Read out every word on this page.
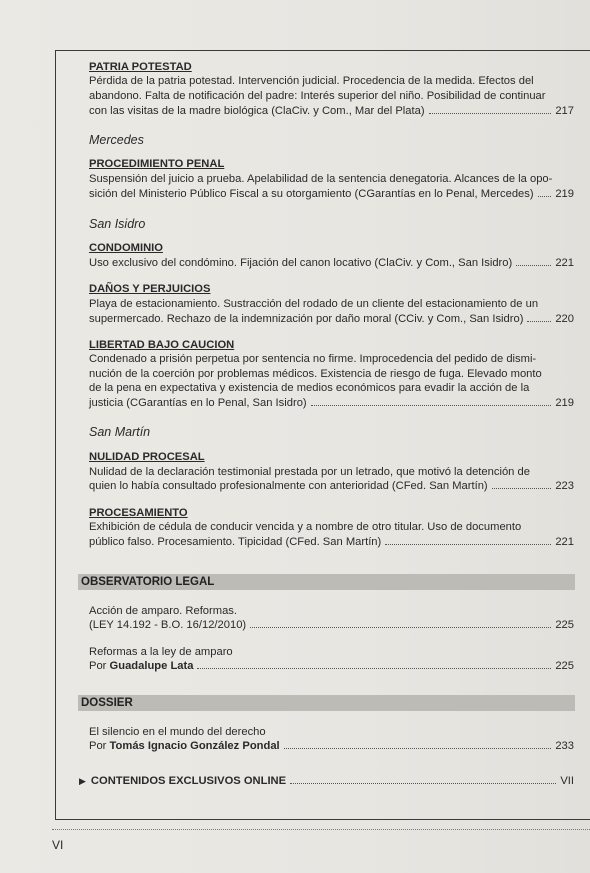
PATRIA POTESTAD
Pérdida de la patria potestad. Intervención judicial. Procedencia de la medida. Efectos del
abandono. Falta de notificación del padre: Interés superior del niño. Posibilidad de continuar
con las visitas de la madre biológica (ClaCiv. y Com., Mar del Plata)	217
Mercedes
PROCEDIMIENTO PENAL
Suspensión del juicio a prueba. Apelabilidad de la sentencia denegatoria. Alcances de la opo-
sición del Ministerio Público Fiscal a su otorgamiento (CGarantías en lo Penal, Mercedes) 219
San Isidro
CONDOMINIO
Uso exclusivo del condómino. Fijación del canon locativo (ClaCiv. y Com., San Isidro)	221
DAÑOS Y PERJUICIOS
Playa de estacionamiento. Sustracción del rodado de un cliente del estacionamiento de un
supermercado. Rechazo de la indemnización por daño moral (CCiv. y Com., San Isidro)	220
LIBERTAD BAJO CAUCION
Condenado a prisión perpetua por sentencia no firme. Improcedencia del pedido de dismi-
nución de la coerción por problemas médicos. Existencia de riesgo de fuga. Elevado monto
de la pena en expectativa y existencia de medios económicos para evadir la acción de la
justicia (CGarantías en lo Penal, San Isidro)	219
San Martín
NULIDAD PROCESAL
Nulidad de la declaración testimonial prestada por un letrado, que motivó la detención de
quien lo había consultado profesionalmente con anterioridad (CFed. San Martín)	223
PROCESAMIENTO
Exhibición de cédula de conducir vencida y a nombre de otro titular. Uso de documento
público falso. Procesamiento. Tipicidad (CFed. San Martín)	221
OBSERVATORIO LEGAL
Acción de amparo. Reformas.
(LEY 14.192 - B.O. 16/12/2010)	225
Reformas a la ley de amparo
Por Guadalupe Lata	225
DOSSIER
El silencio en el mundo del derecho
Por Tomás Ignacio González Pondal	233
▶ CONTENIDOS EXCLUSIVOS ONLINE	VII
VI
